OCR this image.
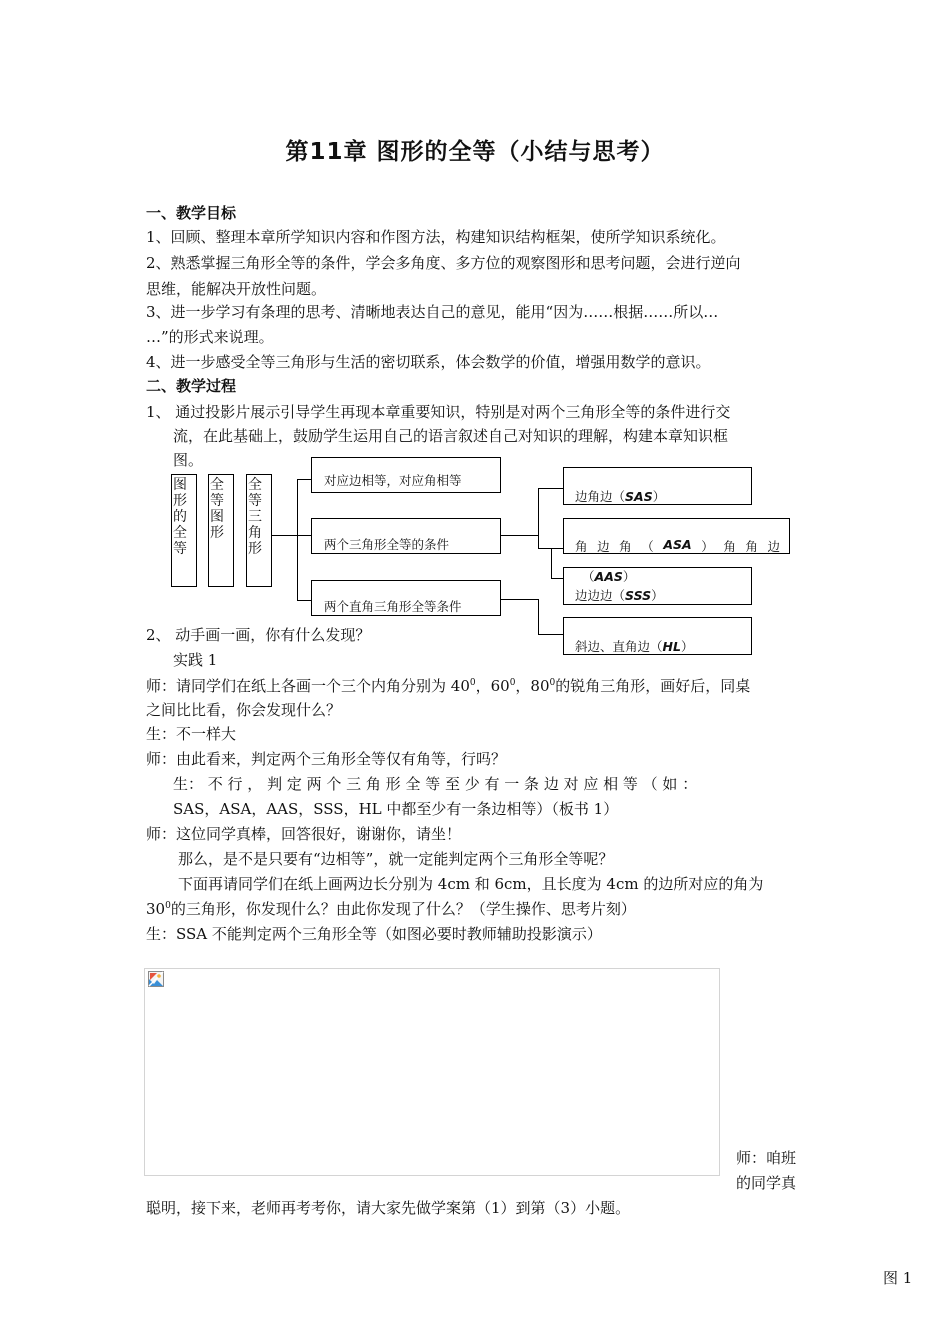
第11章 图形的全等（小结与思考）
一、教学目标
1、回顾、整理本章所学知识内容和作图方法，构建知识结构框架，使所学知识系统化。
2、熟悉掌握三角形全等的条件，学会多角度、多方位的观察图形和思考问题，会进行逆向
思维，能解决开放性问题。
3、进一步学习有条理的思考、清晰地表达自己的意见，能用“因为……根据……所以…
…”的形式来说理。
4、进一步感受全等三角形与生活的密切联系，体会数学的价值，增强用数学的意识。
二、教学过程
1、 通过投影片展示引导学生再现本章重要知识，特别是对两个三角形全等的条件进行交
流，在此基础上，鼓励学生运用自己的语言叙述自己对知识的理解，构建本章知识框
图。
图
形
的
全
等
全
等
图
形
全
等
三
角
形
对应边相等，对应角相等
两个三角形全等的条件
两个直角三角形全等条件
边角边（SAS）
角 边 角 （ ASA ） 角 角 边
（AAS）
边边边（SSS）
斜边、直角边（HL）
2、 动手画一画，你有什么发现？
实践 1
师：请同学们在纸上各画一个三个内角分别为 $40^0$，$60^0$，$80^0$的锐角三角形，画好后，同桌
之间比比看，你会发现什么？
生：不一样大
师：由此看来，判定两个三角形全等仅有角等，行吗？
生： 不 行 ， 判 定 两 个 三 角 形 全 等 至 少 有 一 条 边 对 应 相 等 （ 如 ：
SAS，ASA，AAS，SSS，HL 中都至少有一条边相等）（板书 1）
师：这位同学真棒，回答很好，谢谢你，请坐！
那么，是不是只要有“边相等”，就一定能判定两个三角形全等呢？
下面再请同学们在纸上画两边长分别为 4cm 和 6cm，且长度为 4cm 的边所对应的角为
$30^0$的三角形，你发现什么？由此你发现了什么？（学生操作、思考片刻）
生：SSA 不能判定两个三角形全等（如图必要时教师辅助投影演示）
师：咱班
的同学真
聪明，接下来，老师再考考你，请大家先做学案第（1）到第（3）小题。
图 1
